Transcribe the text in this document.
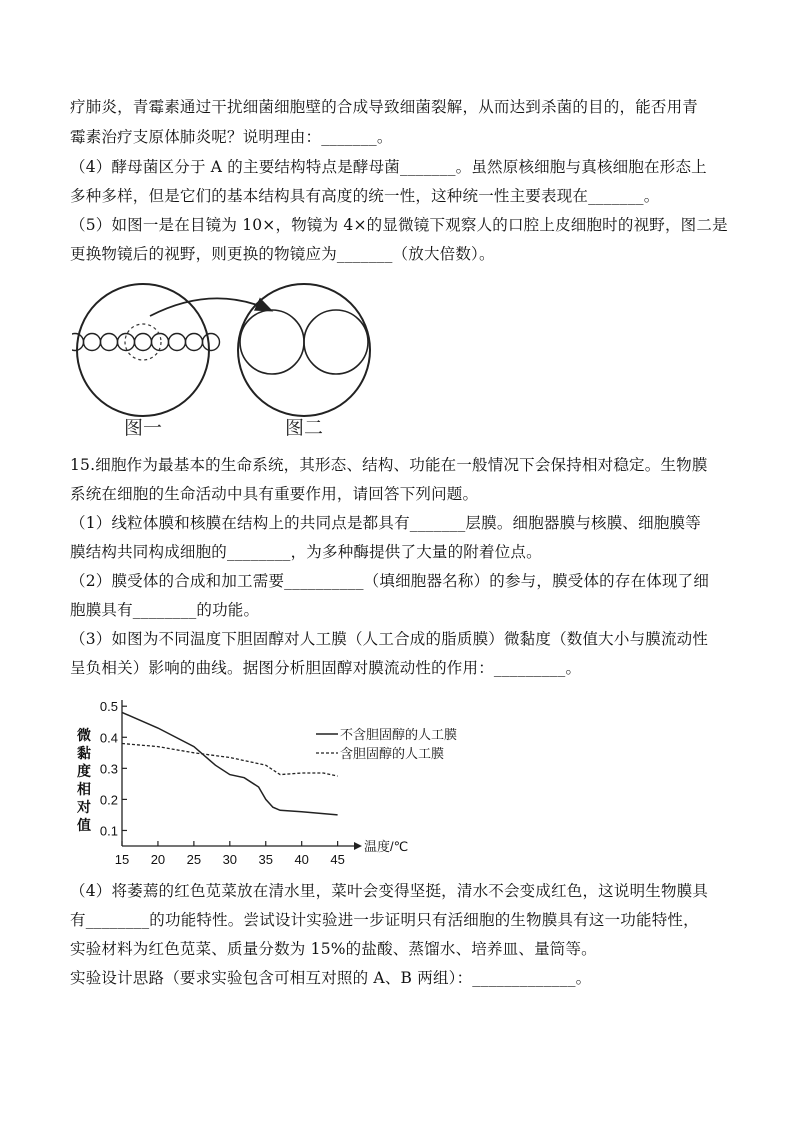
疗肺炎，青霉素通过干扰细菌细胞壁的合成导致细菌裂解，从而达到杀菌的目的，能否用青
霉素治疗支原体肺炎呢？说明理由：_______。
（4）酵母菌区分于 A 的主要结构特点是酵母菌_______。虽然原核细胞与真核细胞在形态上
多种多样，但是它们的基本结构具有高度的统一性，这种统一性主要表现在_______。
（5）如图一是在目镜为 10×，物镜为 4×的显微镜下观察人的口腔上皮细胞时的视野，图二是
更换物镜后的视野，则更换的物镜应为_______（放大倍数）。
图一	图二
15.细胞作为最基本的生命系统，其形态、结构、功能在一般情况下会保持相对稳定。生物膜
系统在细胞的生命活动中具有重要作用，请回答下列问题。
（1）线粒体膜和核膜在结构上的共同点是都具有_______层膜。细胞器膜与核膜、细胞膜等
膜结构共同构成细胞的________，为多种酶提供了大量的附着位点。
（2）膜受体的合成和加工需要__________（填细胞器名称）的参与，膜受体的存在体现了细
胞膜具有________的功能。
（3）如图为不同温度下胆固醇对人工膜（人工合成的脂质膜）微黏度（数值大小与膜流动性
呈负相关）影响的曲线。据图分析胆固醇对膜流动性的作用：_________。
微
黏
度
相
对
值 0.1
0.2
0.3
0.4
0.5
15 20 25 30 35 40 45
温度/℃
不含胆固醇的人工膜
含胆固醇的人工膜
（4）将萎蔫的红色苋菜放在清水里，菜叶会变得坚挺，清水不会变成红色，这说明生物膜具
有________的功能特性。尝试设计实验进一步证明只有活细胞的生物膜具有这一功能特性，
实验材料为红色苋菜、质量分数为 15%的盐酸、蒸馏水、培养皿、量筒等。
实验设计思路（要求实验包含可相互对照的 A、B 两组）：_____________。
